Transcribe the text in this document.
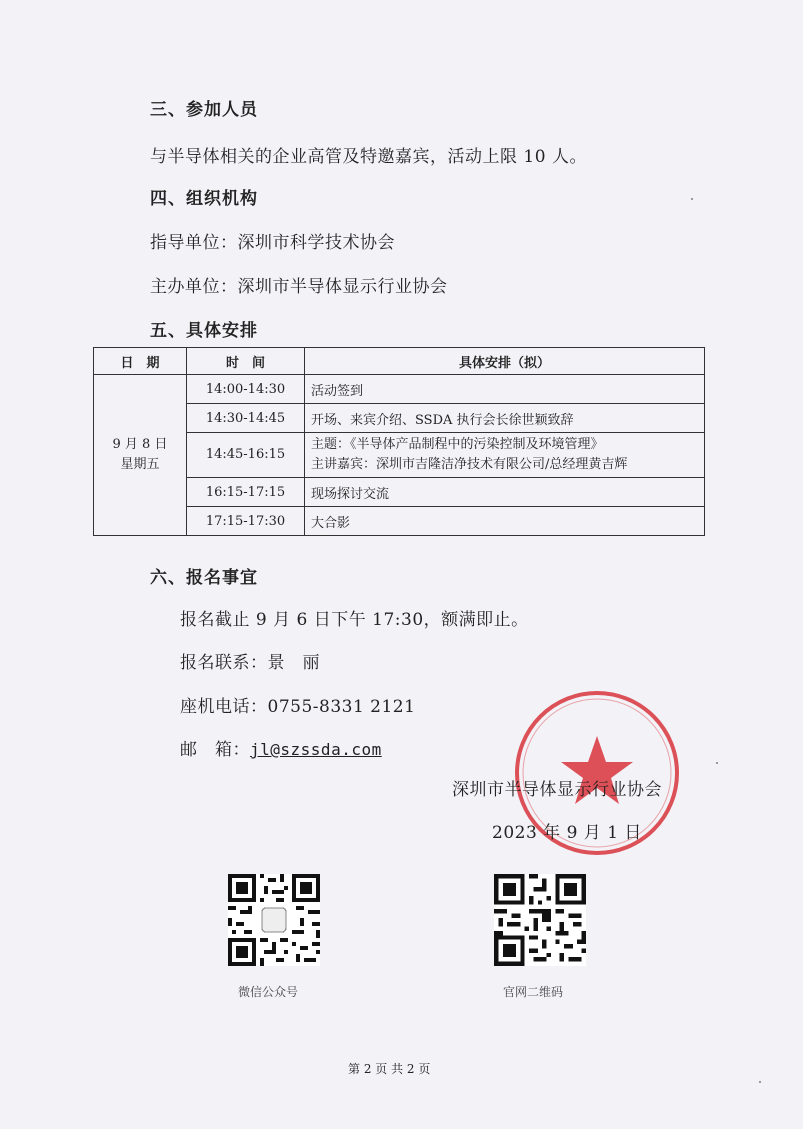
三、参加人员
与半导体相关的企业高管及特邀嘉宾，活动上限 10 人。
四、组织机构
指导单位：深圳市科学技术协会
主办单位：深圳市半导体显示行业协会
五、具体安排
日　期	时　间	具体安排（拟）

9 月 8 日
星期五	14:00-14:30	活动签到
	14:30-14:45	开场、来宾介绍、SSDA 执行会长徐世颖致辞
	14:45-16:15	主题：《半导体产品制程中的污染控制及环境管理》
主讲嘉宾：深圳市吉隆洁净技术有限公司/总经理黄吉辉

	16:15-17:15	现场探讨交流
	17:15-17:30	大合影
六、报名事宜
报名截止 9 月 6 日下午 17:30，额满即止。
报名联系：景　丽
座机电话：0755-8331 2121
邮　箱：jl@szssda.com
深圳市半导体显示行业协会
2023 年 9 月 1 日
微信公众号	官网二维码
第 2 页 共 2 页
